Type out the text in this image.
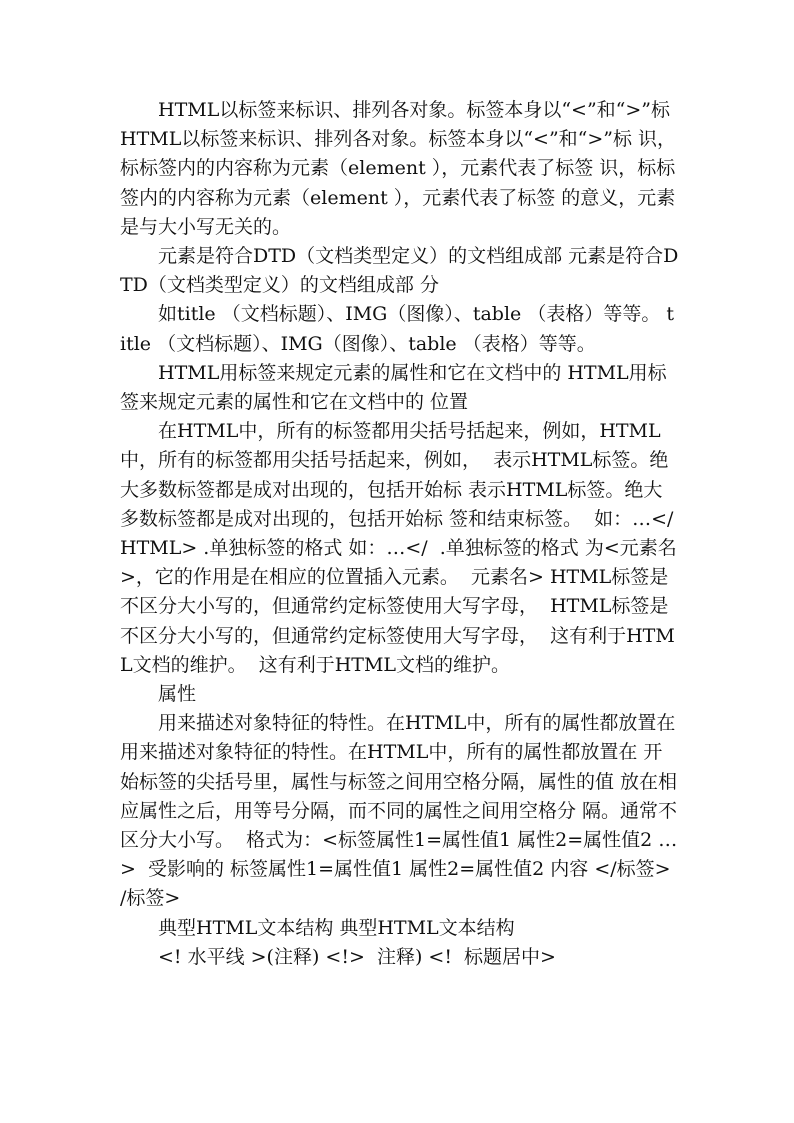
HTML以标签来标识、排列各对象。标签本身以“<”和“>”标 HTML以标签来标识、排列各对象。标签本身以“<”和“>”标 识，标标签内的内容称为元素（element ），元素代表了标签 识，标标签内的内容称为元素（element ），元素代表了标签 的意义，元素是与大小写无关的。

元素是符合DTD（文档类型定义）的文档组成部 元素是符合DTD（文档类型定义）的文档组成部 分

如title （文档标题）、IMG（图像）、table （表格）等等。 title （文档标题）、IMG（图像）、table （表格）等等。

HTML用标签来规定元素的属性和它在文档中的 HTML用标签来规定元素的属性和它在文档中的 位置

在HTML中，所有的标签都用尖括号括起来，例如，HTML中，所有的标签都用尖括号括起来，例如，  表示HTML标签。绝大多数标签都是成对出现的，包括开始标 表示HTML标签。绝大多数标签都是成对出现的，包括开始标 签和结束标签。  如：…</ HTML> .单独标签的格式 如：…</  .单独标签的格式 为<元素名>，它的作用是在相应的位置插入元素。  元素名> HTML标签是不区分大小写的，但通常约定标签使用大写字母，  HTML标签是不区分大小写的，但通常约定标签使用大写字母，  这有利于HTML文档的维护。  这有利于HTML文档的维护。

属性

用来描述对象特征的特性。在HTML中，所有的属性都放置在 用来描述对象特征的特性。在HTML中，所有的属性都放置在 开始标签的尖括号里，属性与标签之间用空格分隔，属性的值 放在相应属性之后，用等号分隔，而不同的属性之间用空格分 隔。通常不区分大小写。  格式为：<标签属性1=属性值1 属性2=属性值2 …>  受影响的 标签属性1=属性值1 属性2=属性值2 内容 </标签> /标签>

典型HTML文本结构 典型HTML文本结构

<! 水平线 >(注释) <!>  注释) <!  标题居中>
